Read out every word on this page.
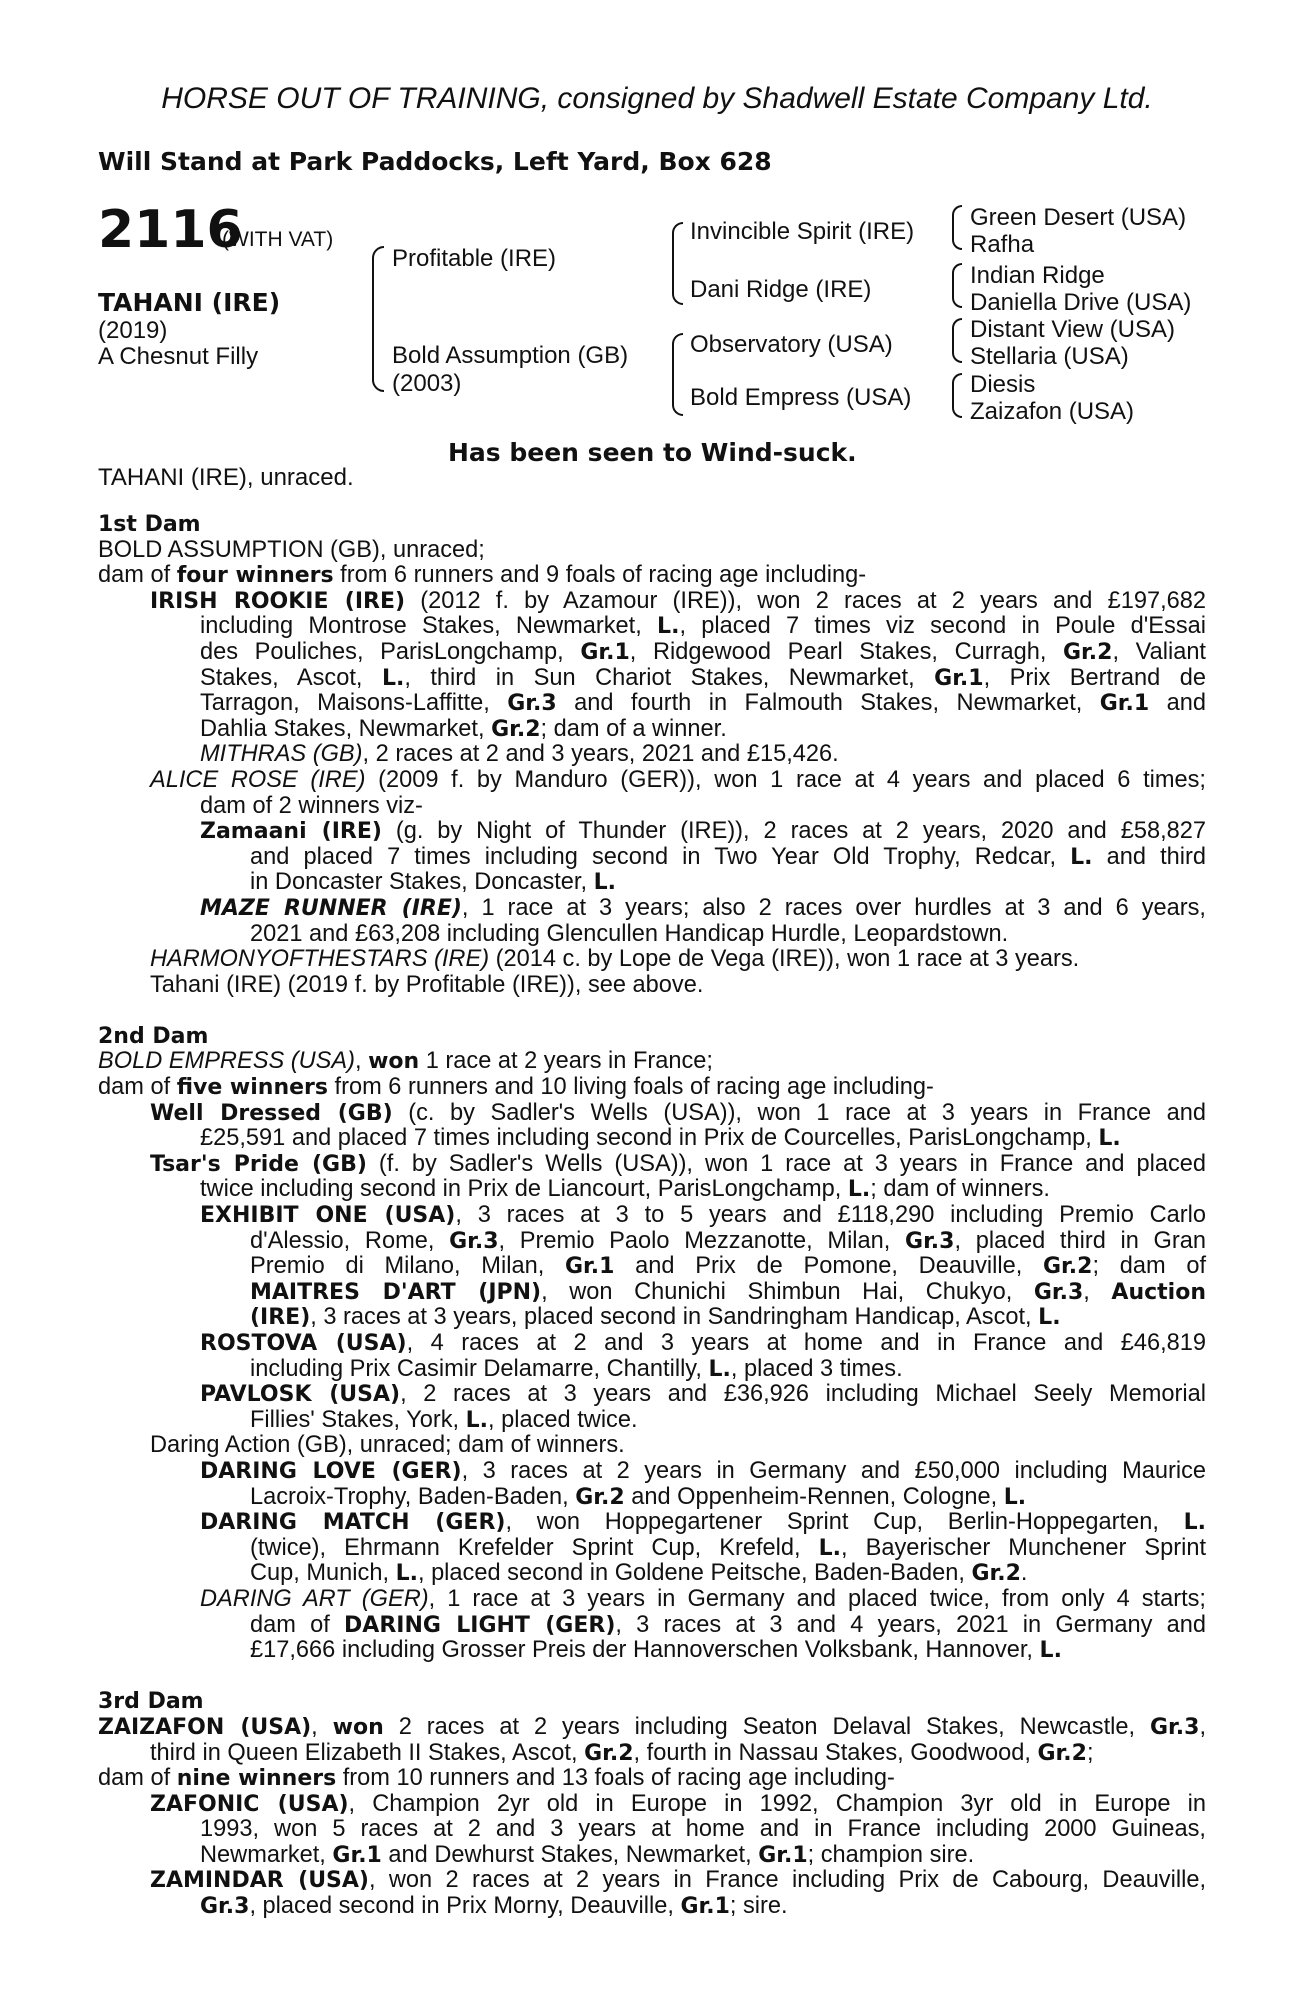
HORSE OUT OF TRAINING, consigned by Shadwell Estate Company Ltd.
Will Stand at Park Paddocks, Left Yard, Box 628
2116
(WITH VAT)
TAHANI (IRE)
(2019)
A Chesnut Filly
Profitable (IRE)
Bold Assumption (GB)
(2003)
Invincible Spirit (IRE)
Dani Ridge (IRE)
Observatory (USA)
Bold Empress (USA)
Green Desert (USA)
Rafha
Indian Ridge
Daniella Drive (USA)
Distant View (USA)
Stellaria (USA)
Diesis
Zaizafon (USA)
Has been seen to Wind-suck.
TAHANI (IRE), unraced.
1st Dam
BOLD ASSUMPTION (GB), unraced;
dam of four winners from 6 runners and 9 foals of racing age including-
IRISH ROOKIE (IRE) (2012 f. by Azamour (IRE)), won 2 races at 2 years and £197,682
including Montrose Stakes, Newmarket, L., placed 7 times viz second in Poule d'Essai
des Pouliches, ParisLongchamp, Gr.1, Ridgewood Pearl Stakes, Curragh, Gr.2, Valiant
Stakes, Ascot, L., third in Sun Chariot Stakes, Newmarket, Gr.1, Prix Bertrand de
Tarragon, Maisons-Laffitte, Gr.3 and fourth in Falmouth Stakes, Newmarket, Gr.1 and
Dahlia Stakes, Newmarket, Gr.2; dam of a winner.
MITHRAS (GB), 2 races at 2 and 3 years, 2021 and £15,426.
ALICE ROSE (IRE) (2009 f. by Manduro (GER)), won 1 race at 4 years and placed 6 times;
dam of 2 winners viz-
Zamaani (IRE) (g. by Night of Thunder (IRE)), 2 races at 2 years, 2020 and £58,827
and placed 7 times including second in Two Year Old Trophy, Redcar, L. and third
in Doncaster Stakes, Doncaster, L.
MAZE RUNNER (IRE), 1 race at 3 years; also 2 races over hurdles at 3 and 6 years,
2021 and £63,208 including Glencullen Handicap Hurdle, Leopardstown.
HARMONYOFTHESTARS (IRE) (2014 c. by Lope de Vega (IRE)), won 1 race at 3 years.
Tahani (IRE) (2019 f. by Profitable (IRE)), see above.
2nd Dam
BOLD EMPRESS (USA), won 1 race at 2 years in France;
dam of five winners from 6 runners and 10 living foals of racing age including-
Well Dressed (GB) (c. by Sadler's Wells (USA)), won 1 race at 3 years in France and
£25,591 and placed 7 times including second in Prix de Courcelles, ParisLongchamp, L.
Tsar's Pride (GB) (f. by Sadler's Wells (USA)), won 1 race at 3 years in France and placed
twice including second in Prix de Liancourt, ParisLongchamp, L.; dam of winners.
EXHIBIT ONE (USA), 3 races at 3 to 5 years and £118,290 including Premio Carlo
d'Alessio, Rome, Gr.3, Premio Paolo Mezzanotte, Milan, Gr.3, placed third in Gran
Premio di Milano, Milan, Gr.1 and Prix de Pomone, Deauville, Gr.2; dam of
MAITRES D'ART (JPN), won Chunichi Shimbun Hai, Chukyo, Gr.3, Auction
(IRE), 3 races at 3 years, placed second in Sandringham Handicap, Ascot, L.
ROSTOVA (USA), 4 races at 2 and 3 years at home and in France and £46,819
including Prix Casimir Delamarre, Chantilly, L., placed 3 times.
PAVLOSK (USA), 2 races at 3 years and £36,926 including Michael Seely Memorial
Fillies' Stakes, York, L., placed twice.
Daring Action (GB), unraced; dam of winners.
DARING LOVE (GER), 3 races at 2 years in Germany and £50,000 including Maurice
Lacroix-Trophy, Baden-Baden, Gr.2 and Oppenheim-Rennen, Cologne, L.
DARING MATCH (GER), won Hoppegartener Sprint Cup, Berlin-Hoppegarten, L.
(twice), Ehrmann Krefelder Sprint Cup, Krefeld, L., Bayerischer Munchener Sprint
Cup, Munich, L., placed second in Goldene Peitsche, Baden-Baden, Gr.2.
DARING ART (GER), 1 race at 3 years in Germany and placed twice, from only 4 starts;
dam of DARING LIGHT (GER), 3 races at 3 and 4 years, 2021 in Germany and
£17,666 including Grosser Preis der Hannoverschen Volksbank, Hannover, L.
3rd Dam
ZAIZAFON (USA), won 2 races at 2 years including Seaton Delaval Stakes, Newcastle, Gr.3,
third in Queen Elizabeth II Stakes, Ascot, Gr.2, fourth in Nassau Stakes, Goodwood, Gr.2;
dam of nine winners from 10 runners and 13 foals of racing age including-
ZAFONIC (USA), Champion 2yr old in Europe in 1992, Champion 3yr old in Europe in
1993, won 5 races at 2 and 3 years at home and in France including 2000 Guineas,
Newmarket, Gr.1 and Dewhurst Stakes, Newmarket, Gr.1; champion sire.
ZAMINDAR (USA), won 2 races at 2 years in France including Prix de Cabourg, Deauville,
Gr.3, placed second in Prix Morny, Deauville, Gr.1; sire.
